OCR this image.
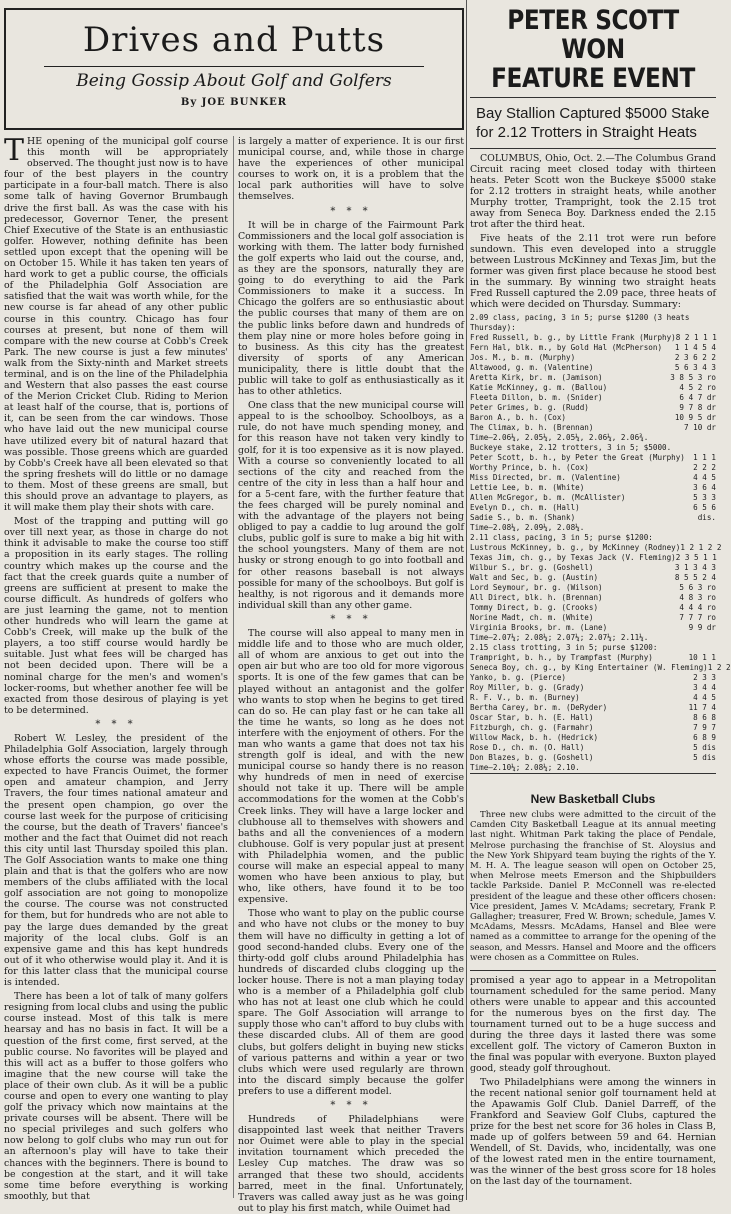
Drives and Putts
Being Gossip About Golf and Golfers
By JOE BUNKER

THE opening of the municipal golf course this month will be appropriately observed. The thought just now is to have four of the best players in the country participate in a four-ball match. There is also some talk of having Governor Brumbaugh drive the first ball. As was the case with his predecessor, Governor Tener, the present Chief Executive of the State is an enthusiastic golfer. However, nothing definite has been settled upon except that the opening will be on October 15. While it has taken ten years of hard work to get a public course, the officials of the Philadelphia Golf Association are satisfied that the wait was worth while, for the new course is far ahead of any other public course in this country. Chicago has four courses at present, but none of them will compare with the new course at Cobb's Creek Park. The new course is just a few minutes' walk from the Sixty-ninth and Market streets terminal, and is on the line of the Philadelphia and Western that also passes the east course of the Merion Cricket Club. Riding to Merion at least half of the course, that is, portions of it, can be seen from the car windows. Those who have laid out the new municipal course have utilized every bit of natural hazard that was possible. Those greens which are guarded by Cobb's Creek have all been elevated so that the spring freshets will do little or no damage to them. Most of these greens are small, but this should prove an advantage to players, as it will make them play their shots with care.

Most of the trapping and putting will go over till next year, as those in charge do not think it advisable to make the course too stiff a proposition in its early stages. The rolling country which makes up the course and the fact that the creek guards quite a number of greens are sufficient at present to make the course difficult. As hundreds of golfers who are just learning the game, not to mention other hundreds who will learn the game at Cobb's Creek, will make up the bulk of the players, a too stiff course would hardly be suitable. Just what fees will be charged has not been decided upon. There will be a nominal charge for the men's and women's locker-rooms, but whether another fee will be exacted from those desirous of playing is yet to be determined.

* * *

Robert W. Lesley, the president of the Philadelphia Golf Association, largely through whose efforts the course was made possible, expected to have Francis Ouimet, the former open and amateur champion, and Jerry Travers, the four times national amateur and the present open champion, go over the course last week for the purpose of criticising the course, but the death of Travers' fiancee's mother and the fact that Ouimet did not reach this city until last Thursday spoiled this plan. The Golf Association wants to make one thing plain and that is that the golfers who are now members of the clubs affiliated with the local golf association are not going to monopolize the course. The course was not constructed for them, but for hundreds who are not able to pay the large dues demanded by the great majority of the local clubs. Golf is an expensive game and this has kept hundreds out of it who otherwise would play it. And it is for this latter class that the municipal course is intended.

There has been a lot of talk of many golfers resigning from local clubs and using the public course instead. Most of this talk is mere hearsay and has no basis in fact. It will be a question of the first come, first served, at the public course. No favorites will be played and this will act as a buffer to those golfers who imagine that the new course will take the place of their own club. As it will be a public course and open to every one wanting to play golf the privacy which now maintains at the private courses will be absent. There will be no special privileges and such golfers who now belong to golf clubs who may run out for an afternoon's play will have to take their chances with the beginners. There is bound to be congestion at the start, and it will take some time before everything is working smoothly, but that

is largely a matter of experience. It is our first municipal course, and, while those in charge have the experiences of other municipal courses to work on, it is a problem that the local park authorities will have to solve themselves.

* * *

It will be in charge of the Fairmount Park Commissioners and the local golf association is working with them. The latter body furnished the golf experts who laid out the course, and, as they are the sponsors, naturally they are going to do everything to aid the Park Commissioners to make it a success. In Chicago the golfers are so enthusiastic about the public courses that many of them are on the public links before dawn and hundreds of them play nine or more holes before going in to business. As this city has the greatest diversity of sports of any American municipality, there is little doubt that the public will take to golf as enthusiastically as it has to other athletics.

One class that the new municipal course will appeal to is the schoolboy. Schoolboys, as a rule, do not have much spending money, and for this reason have not taken very kindly to golf, for it is too expensive as it is now played. With a course so conveniently located to all sections of the city and reached from the centre of the city in less than a half hour and for a 5-cent fare, with the further feature that the fees charged will be purely nominal and with the advantage of the players not being obliged to pay a caddie to lug around the golf clubs, public golf is sure to make a big hit with the school youngsters. Many of them are not husky or strong enough to go into football and for other reasons baseball is not always possible for many of the schoolboys. But golf is healthy, is not rigorous and it demands more individual skill than any other game.

* * *

The course will also appeal to many men in middle life and to those who are much older, all of whom are anxious to get out into the open air but who are too old for more vigorous sports. It is one of the few games that can be played without an antagonist and the golfer who wants to stop when he begins to get tired can do so. He can play fast or he can take all the time he wants, so long as he does not interfere with the enjoyment of others. For the man who wants a game that does not tax his strength golf is ideal, and with the new municipal course so handy there is no reason why hundreds of men in need of exercise should not take it up. There will be ample accommodations for the women at the Cobb's Creek links. They will have a large locker and clubhouse all to themselves with showers and baths and all the conveniences of a modern clubhouse. Golf is very popular just at present with Philadelphia women, and the public course will make an especial appeal to many women who have been anxious to play, but who, like others, have found it to be too expensive.

Those who want to play on the public course and who have not clubs or the money to buy them will have no difficulty in getting a lot of good second-handed clubs. Every one of the thirty-odd golf clubs around Philadelphia has hundreds of discarded clubs clogging up the locker house. There is not a man playing today who is a member of a Philadelphia golf club who has not at least one club which he could spare. The Golf Association will arrange to supply those who can't afford to buy clubs with these discarded clubs. All of them are good clubs, but golfers delight in buying new sticks of various patterns and within a year or two clubs which were used regularly are thrown into the discard simply because the golfer prefers to use a different model.

* * *

Hundreds of Philadelphians were disappointed last week that neither Travers nor Ouimet were able to play in the special invitation tournament which preceded the Lesley Cup matches. The draw was so arranged that these two should, accidents barred, meet in the final. Unfortunately, Travers was called away just as he was going out to play his first match, while Ouimet had

PETER SCOTT WON
FEATURE EVENT
Bay Stallion Captured $5000 Stake for 2.12 Trotters in Straight Heats

COLUMBUS, Ohio, Oct. 2.—The Columbus Grand Circuit racing meet closed today with thirteen heats. Peter Scott won the Buckeye $5000 stake for 2.12 trotters in straight heats, while another Murphy trotter, Trampright, took the 2.15 trot away from Seneca Boy. Darkness ended the 2.15 trot after the third heat.

Five heats of the 2.11 trot were run before sundown. This even developed into a struggle between Lustrous McKinney and Texas Jim, but the former was given first place because he stood best in the summary. By winning two straight heats Fred Russell captured the 2.09 pace, three heats of which were decided on Thursday. Summary:

2.09 class, pacing, 3 in 5; purse $1200 (3 heats Thursday):
Fred Russell, b. g., by Little Frank (Murphy) 8 2 1 1 1
Fern Hal, blk. m., by Gold Hal (McPherson) 1 1 4 5 4
Jos. M., b. m. (Murphy)	2 3 6 2 2
Altawood, g. m. (Valentine)	5 6 3 4 3
Aretta Kirk, br. m. (Jamison)	3 8 5 3 ro
Katie McKinney, g. m. (Ballou)	4 5 2 ro
Fleeta Dillon, b. m. (Snider)	6 4 7 dr
Peter Grimes, b. g. (Rudd)	9 7 8 dr
Baron A., b. h. (Cox)	10 9 5 dr
The Climax, b. h. (Brennan)	7 10 dr
Time—2.06¼, 2.05¼, 2.05¼, 2.06¼, 2.06¾.
Buckeye stake, 2.12 trotters, 3 in 5; $5000.
Peter Scott, b. h., by Peter the Great (Murphy) 1 1 1
Worthy Prince, b. h. (Cox)	2 2 2
Miss Directed, br. m. (Valentine)	4 4 5
Lettie Lee, b. m. (White)	3 6 4
Allen McGregor, b. m. (McAllister)	5 3 3
Evelyn D., ch. m. (Hall)	6 5 6
Sadie S., b. m. (Shank)	dis.
Time—2.08¼, 2.09¼, 2.08¼.
2.11 class, pacing, 3 in 5; purse $1200:
Lustrous McKinney, b. g., by McKinney (Rodney) 1 2 1 2 2
Texas Jim, ch. g., by Texas Jack (V. Fleming) 2 3 5 1 1
Wilbur S., br. g. (Goshell)	3 1 3 4 3
Walt and Sec, b. g. (Austin)	8 5 5 2 4
Lord Seymour, br. g. (Wilson)	5 6 3 ro
All Direct, blk. h. (Brennan)	4 8 3 ro
Tommy Direct, b. g. (Crooks)	4 4 4 ro
Norine Madt, ch. m. (White)	7 7 7 ro
Virginia Brooks, br. m. (Lane)	9 9 dr
Time—2.07¼; 2.08¼; 2.07¼; 2.07¼; 2.11¼.
2.15 class trotting, 3 in 5; purse $1200:
Trampright, b. h., by Trampfast (Murphy)	10 1 1
Seneca Boy, ch. g., by King Entertainer (W. Fleming) 1 2 2
Yanko, b. g. (Pierce)	2 3 3
Roy Miller, b. g. (Grady)	3 4 4
R. F. V., b. m. (Burney)	4 4 5
Bertha Carey, br. m. (DeRyder)	11 7 4
Oscar Star, b. h. (E. Hall)	8 6 8
Fitzburgh, ch. g. (Farmahr)	7 9 7
Willow Mack, b. h. (Hedrick)	6 8 9
Rose D., ch. m. (O. Hall)	5 dis
Don Blazes, b. g. (Goshell)	5 dis
Time—2.10¼; 2.08¼; 2.10.
New Basketball Clubs

Three new clubs were admitted to the circuit of the Camden City Basketball League at its annual meeting last night. Whitman Park taking the place of Pendale, Melrose purchasing the franchise of St. Aloysius and the New York Shipyard team buying the rights of the Y. M. H. A. The league season will open on October 25, when Melrose meets Emerson and the Shipbuilders tackle Parkside. Daniel P. McConnell was re-elected president of the league and these other officers chosen: Vice president, James V. McAdams; secretary, Frank P. Gallagher; treasurer, Fred W. Brown; schedule, James V. McAdams, Messrs. McAdams, Hansel and Blee were named as a committee to arrange for the opening of the season, and Messrs. Hansel and Moore and the officers were chosen as a Committee on Rules.

promised a year ago to appear in a Metropolitan tournament scheduled for the same period. Many others were unable to appear and this accounted for the numerous byes on the first day. The tournament turned out to be a huge success and during the three days it lasted there was some excellent golf. The victory of Cameron Buxton in the final was popular with everyone. Buxton played good, steady golf throughout.

Two Philadelphians were among the winners in the recent national senior golf tournament held at the Apawamis Golf Club. Daniel Darreff, of the Frankford and Seaview Golf Clubs, captured the prize for the best net score for 36 holes in Class B, made up of golfers between 59 and 64. Hernian Wendell, of St. Davids, who, incidentally, was one of the lowest rated men in the entire tournament, was the winner of the best gross score for 18 holes on the last day of the tournament.
